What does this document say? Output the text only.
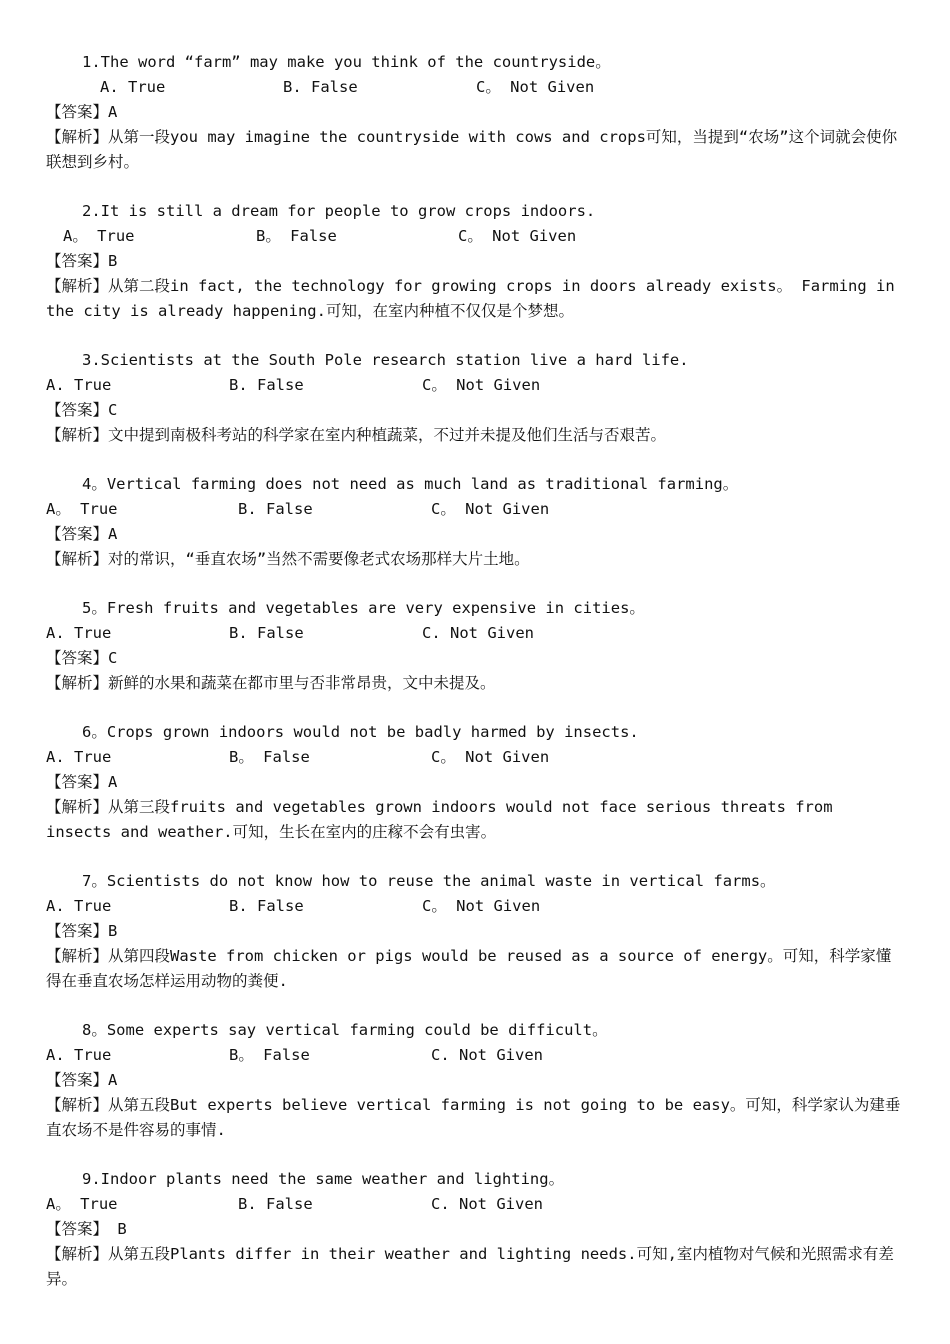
1.The word “farm” may make you think of the countryside。
A. True	B. False	C。 Not Given
【答案】A
【解析】从第一段you may imagine the countryside with cows and crops可知，当提到“农场”这个词就会使你联想到乡村。
2.It is still a dream for people to grow crops indoors.
A。 True	B。 False	C。 Not Given
【答案】B
【解析】从第二段in fact, the technology for growing crops in doors already exists。 Farming in the city is already happening.可知，在室内种植不仅仅是个梦想。
3.Scientists at the South Pole research station live a hard life.
A. True	B. False	C。 Not Given
【答案】C
【解析】文中提到南极科考站的科学家在室内种植蔬菜，不过并未提及他们生活与否艰苦。
4。Vertical farming does not need as much land as traditional farming。
A。 True	B. False	C。 Not Given
【答案】A
【解析】对的常识，“垂直农场”当然不需要像老式农场那样大片土地。
5。Fresh fruits and vegetables are very expensive in cities。
A. True	B. False	C. Not Given
【答案】C
【解析】新鲜的水果和蔬菜在都市里与否非常昂贵，文中未提及。
6。Crops grown indoors would not be badly harmed by insects.
A. True	B。 False	C。 Not Given
【答案】A
【解析】从第三段fruits and vegetables grown indoors would not face serious threats from insects and weather.可知，生长在室内的庄稼不会有虫害。
7。Scientists do not know how to reuse the animal waste in vertical farms。
A. True	B. False	C。 Not Given
【答案】B
【解析】从第四段Waste from chicken or pigs would be reused as a source of energy。可知，科学家懂得在垂直农场怎样运用动物的粪便.
8。Some experts say vertical farming could be difficult。
A. True	B。 False	C. Not Given
【答案】A
【解析】从第五段But experts believe vertical farming is not going to be easy。可知，科学家认为建垂直农场不是件容易的事情.
9.Indoor plants need the same weather and lighting。
A。 True	B. False	C. Not Given
【答案】 B
【解析】从第五段Plants differ in their weather and lighting needs.可知,室内植物对气候和光照需求有差异。
